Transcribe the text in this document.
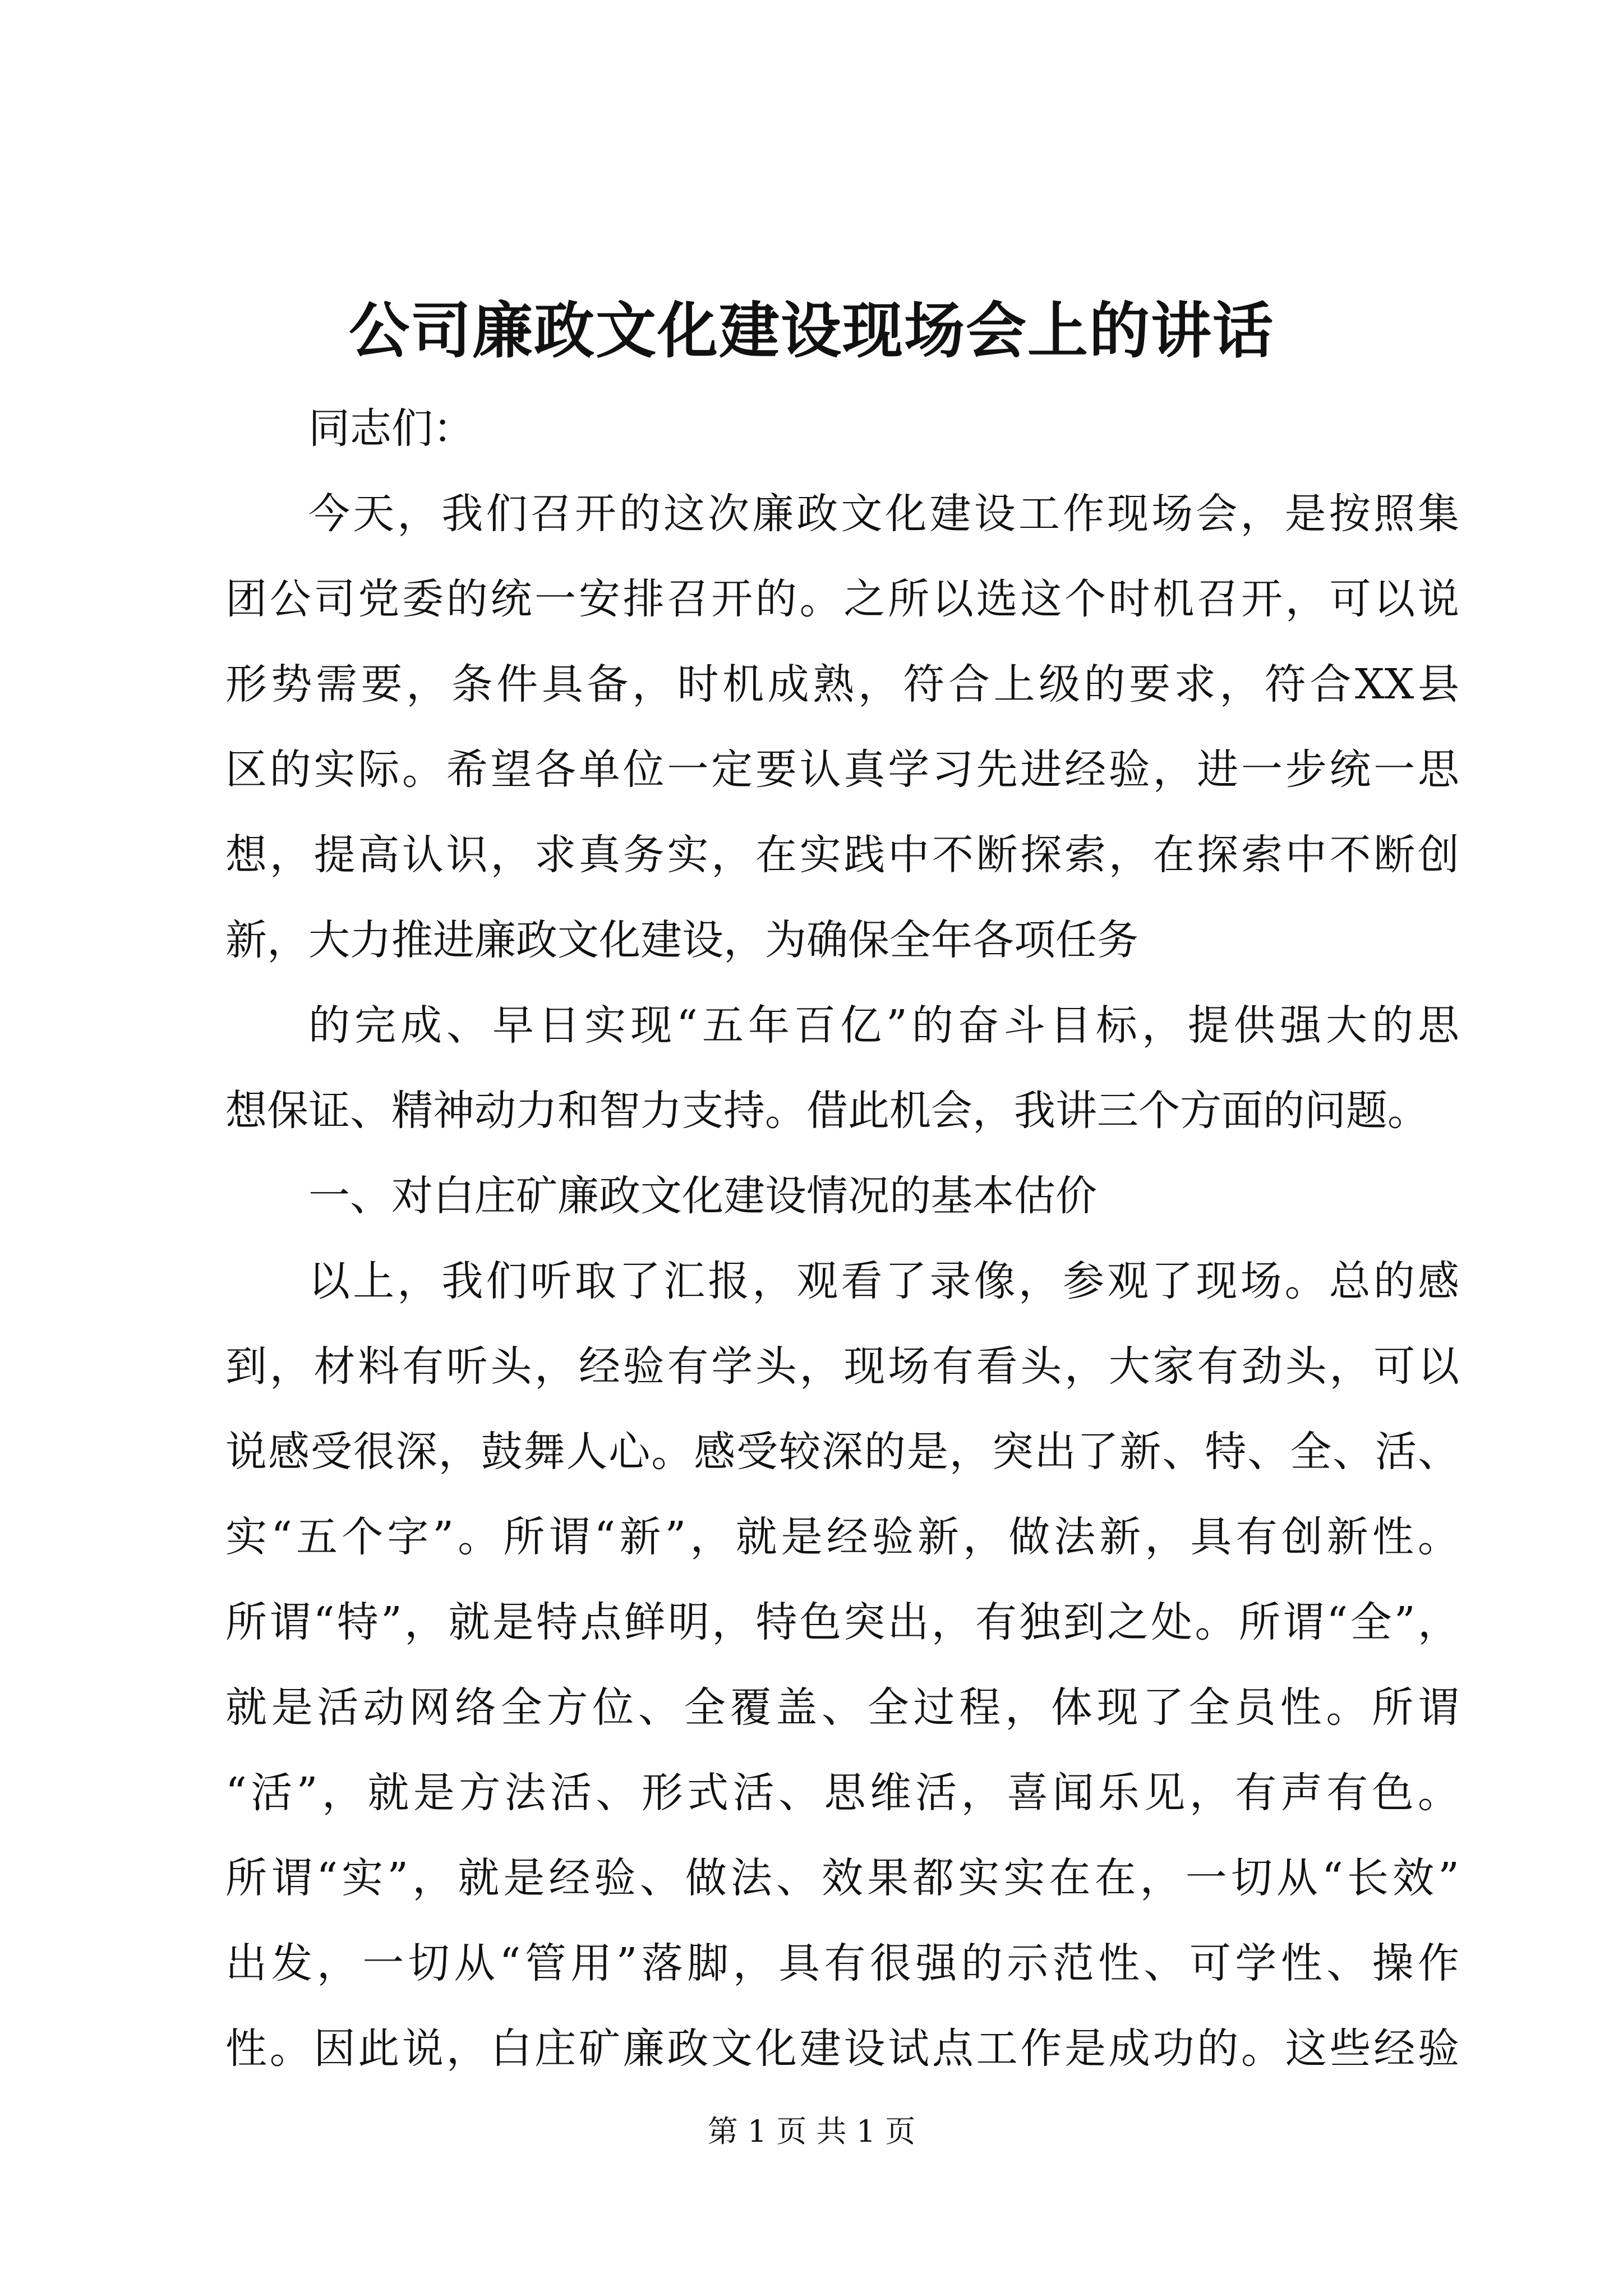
公司廉政文化建设现场会上的讲话
同志们：
今天，我们召开的这次廉政文化建设工作现场会，是按照集
团公司党委的统一安排召开的。之所以选这个时机召开，可以说
形势需要，条件具备，时机成熟，符合上级的要求，符合XX县
区的实际。希望各单位一定要认真学习先进经验，进一步统一思
想，提高认识，求真务实，在实践中不断探索，在探索中不断创
新，大力推进廉政文化建设，为确保全年各项任务
的完成、早日实现“五年百亿”的奋斗目标，提供强大的思
想保证、精神动力和智力支持。借此机会，我讲三个方面的问题。
一、对白庄矿廉政文化建设情况的基本估价
以上，我们听取了汇报，观看了录像，参观了现场。总的感
到，材料有听头，经验有学头，现场有看头，大家有劲头，可以
说感受很深，鼓舞人心。感受较深的是，突出了新、特、全、活、
实“五个字”。所谓“新”，就是经验新，做法新，具有创新性。
所谓“特”，就是特点鲜明，特色突出，有独到之处。所谓“全”，
就是活动网络全方位、全覆盖、全过程，体现了全员性。所谓
“活”，就是方法活、形式活、思维活，喜闻乐见，有声有色。
所谓“实”，就是经验、做法、效果都实实在在，一切从“长效”
出发，一切从“管用”落脚，具有很强的示范性、可学性、操作
性。因此说，白庄矿廉政文化建设试点工作是成功的。这些经验
第 1 页 共 1 页
